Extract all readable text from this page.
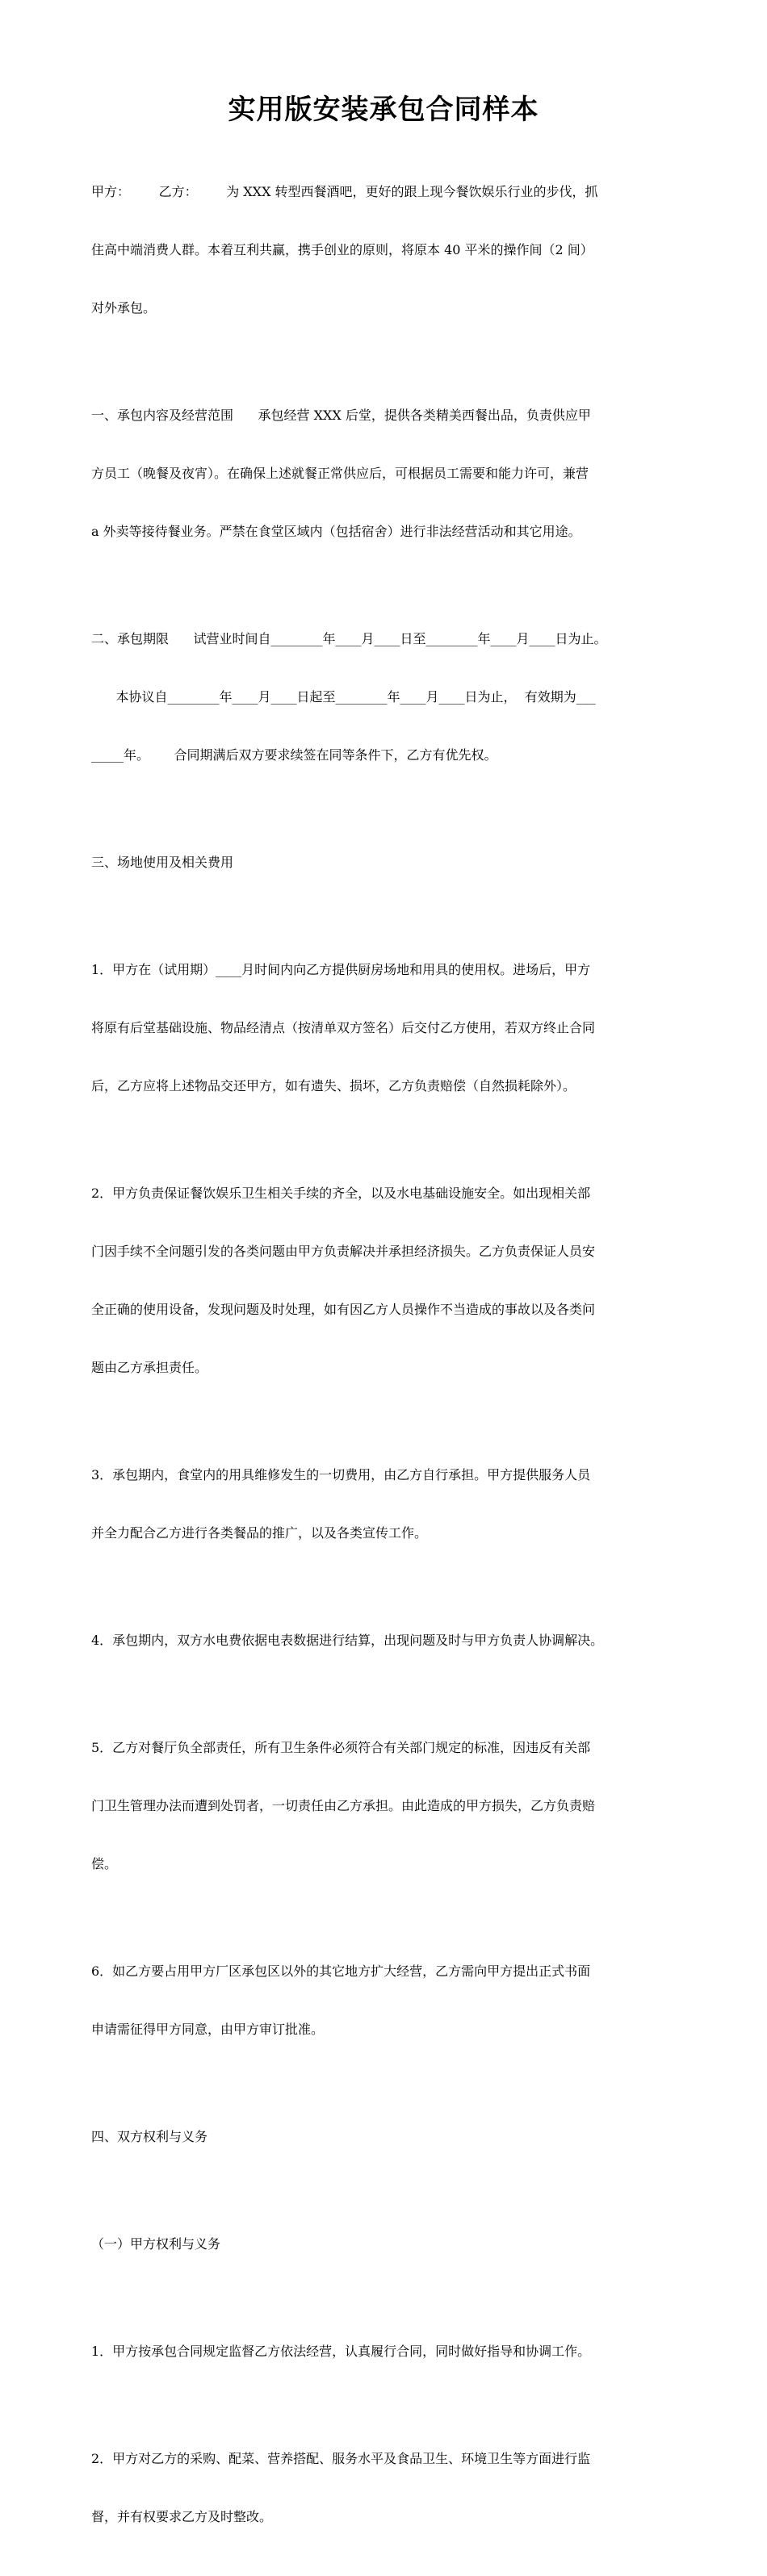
实用版安装承包合同样本

甲方：       乙方：       为 XXX 转型西餐酒吧，更好的跟上现今餐饮娱乐行业的步伐，抓

住高中端消费人群。本着互利共赢，携手创业的原则，将原本 40 平米的操作间（2 间）

对外承包。

一、承包内容及经营范围      承包经营 XXX 后堂，提供各类精美西餐出品，负责供应甲

方员工（晚餐及夜宵）。在确保上述就餐正常供应后，可根据员工需要和能力许可，兼营

a 外卖等接待餐业务。严禁在食堂区域内（包括宿舍）进行非法经营活动和其它用途。

二、承包期限      试营业时间自________年____月____日至________年____月____日为止。

本协议自________年____月____日起至________年____月____日为止，  有效期为___

_____年。      合同期满后双方要求续签在同等条件下，乙方有优先权。

三、场地使用及相关费用

1．甲方在（试用期）____月时间内向乙方提供厨房场地和用具的使用权。进场后，甲方

将原有后堂基础设施、物品经清点（按清单双方签名）后交付乙方使用，若双方终止合同

后，乙方应将上述物品交还甲方，如有遗失、损坏，乙方负责赔偿（自然损耗除外）。

2．甲方负责保证餐饮娱乐卫生相关手续的齐全，以及水电基础设施安全。如出现相关部

门因手续不全问题引发的各类问题由甲方负责解决并承担经济损失。乙方负责保证人员安

全正确的使用设备，发现问题及时处理，如有因乙方人员操作不当造成的事故以及各类问

题由乙方承担责任。

3．承包期内，食堂内的用具维修发生的一切费用，由乙方自行承担。甲方提供服务人员

并全力配合乙方进行各类餐品的推广，以及各类宣传工作。

4．承包期内，双方水电费依据电表数据进行结算，出现问题及时与甲方负责人协调解决。

5．乙方对餐厅负全部责任，所有卫生条件必须符合有关部门规定的标准，因违反有关部

门卫生管理办法而遭到处罚者，一切责任由乙方承担。由此造成的甲方损失，乙方负责赔

偿。

6．如乙方要占用甲方厂区承包区以外的其它地方扩大经营，乙方需向甲方提出正式书面

申请需征得甲方同意，由甲方审订批准。

四、双方权利与义务

（一）甲方权利与义务

1．甲方按承包合同规定监督乙方依法经营，认真履行合同，同时做好指导和协调工作。

2．甲方对乙方的采购、配菜、营养搭配、服务水平及食品卫生、环境卫生等方面进行监

督，并有权要求乙方及时整改。
